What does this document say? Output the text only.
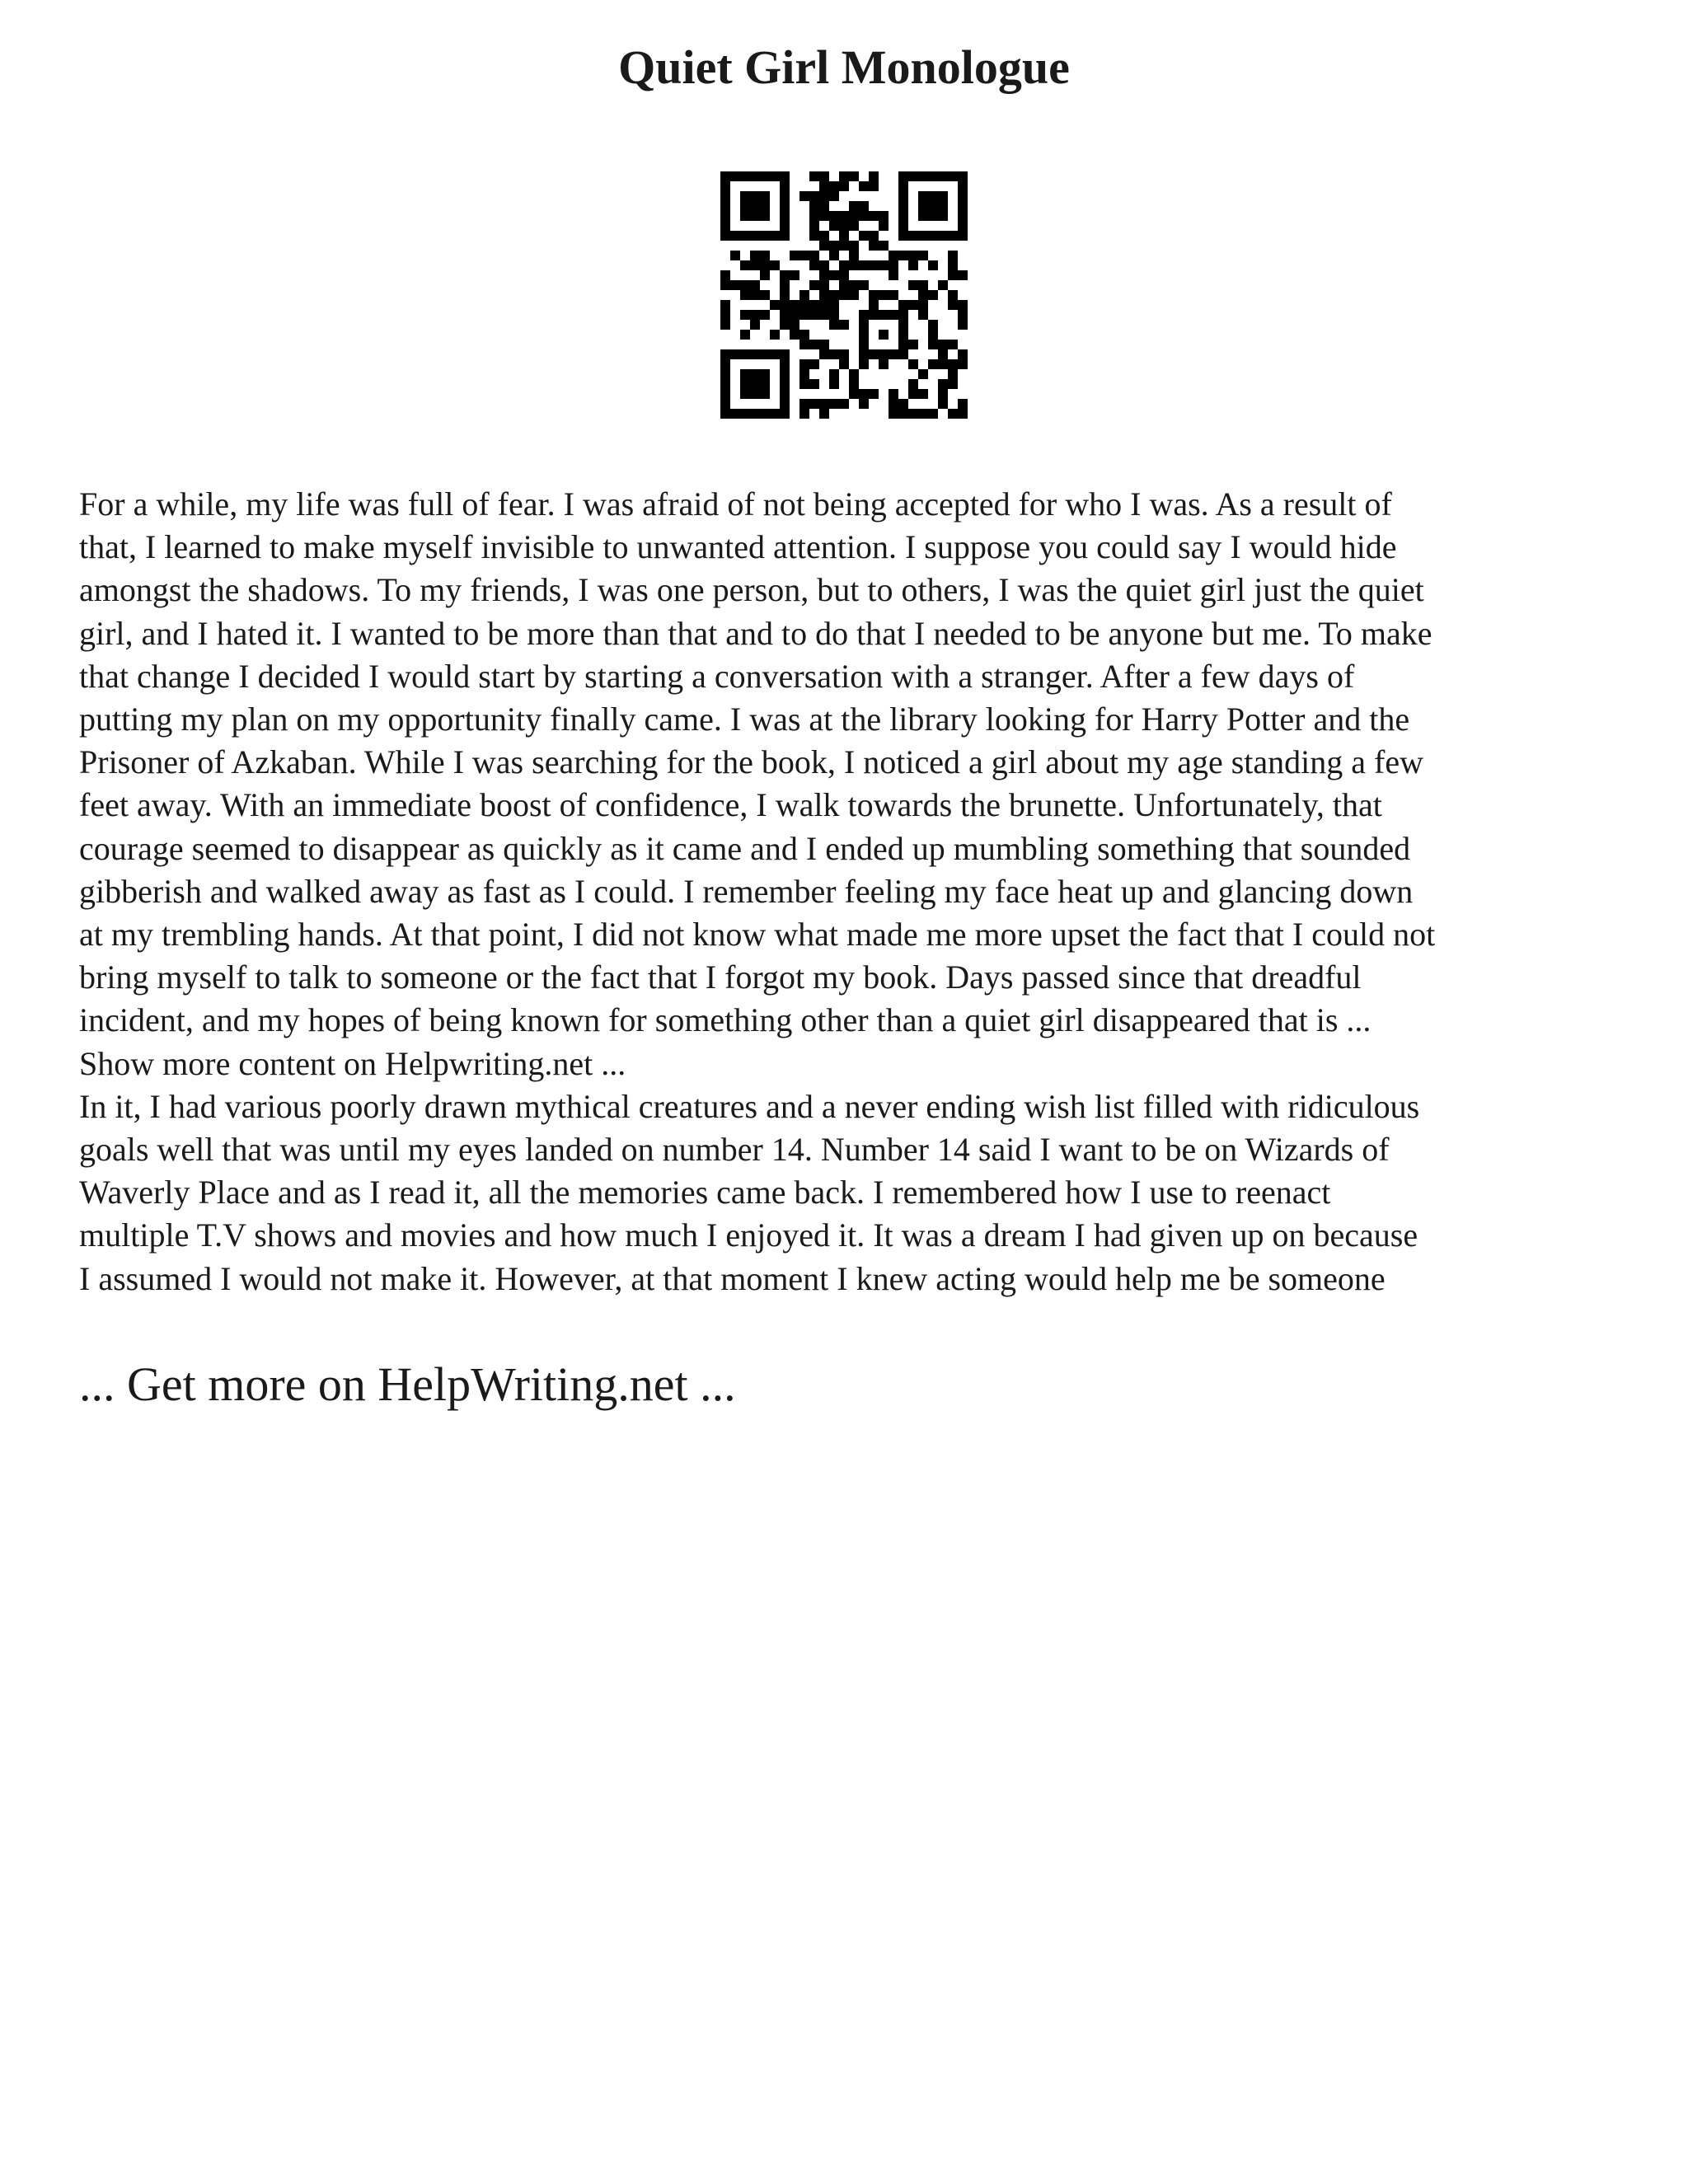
Quiet Girl Monologue
For a while, my life was full of fear. I was afraid of not being accepted for who I was. As a result of
that, I learned to make myself invisible to unwanted attention. I suppose you could say I would hide
amongst the shadows. To my friends, I was one person, but to others, I was the quiet girl just the quiet
girl, and I hated it. I wanted to be more than that and to do that I needed to be anyone but me. To make
that change I decided I would start by starting a conversation with a stranger. After a few days of
putting my plan on my opportunity finally came. I was at the library looking for Harry Potter and the
Prisoner of Azkaban. While I was searching for the book, I noticed a girl about my age standing a few
feet away. With an immediate boost of confidence, I walk towards the brunette. Unfortunately, that
courage seemed to disappear as quickly as it came and I ended up mumbling something that sounded
gibberish and walked away as fast as I could. I remember feeling my face heat up and glancing down
at my trembling hands. At that point, I did not know what made me more upset the fact that I could not
bring myself to talk to someone or the fact that I forgot my book. Days passed since that dreadful
incident, and my hopes of being known for something other than a quiet girl disappeared that is ...
Show more content on Helpwriting.net ...
In it, I had various poorly drawn mythical creatures and a never ending wish list filled with ridiculous
goals well that was until my eyes landed on number 14. Number 14 said I want to be on Wizards of
Waverly Place and as I read it, all the memories came back. I remembered how I use to reenact
multiple T.V shows and movies and how much I enjoyed it. It was a dream I had given up on because
I assumed I would not make it. However, at that moment I knew acting would help me be someone

... Get more on HelpWriting.net ...
